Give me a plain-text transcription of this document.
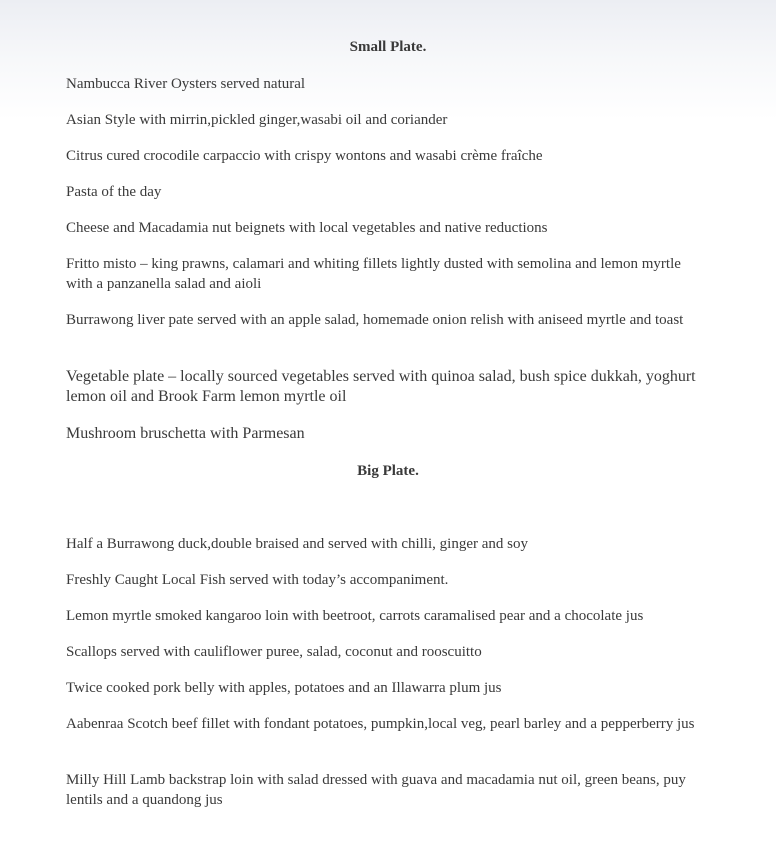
Small Plate.
Nambucca River Oysters served natural
Asian Style with mirrin,pickled ginger,wasabi oil and coriander
Citrus cured crocodile carpaccio with crispy wontons and wasabi crème fraîche
Pasta of the day
Cheese and Macadamia nut beignets with local vegetables and native reductions
Fritto misto – king prawns, calamari and whiting fillets lightly dusted with semolina and lemon myrtle with a panzanella salad and aioli
Burrawong liver pate served with an apple salad, homemade onion relish with aniseed myrtle and toast
Vegetable plate – locally sourced vegetables served with quinoa salad, bush spice dukkah, yoghurt lemon oil and Brook Farm lemon myrtle oil
Mushroom bruschetta with Parmesan
Big Plate.
Half a Burrawong duck,double braised and served with chilli, ginger and soy
Freshly Caught Local Fish served with today’s accompaniment.
Lemon myrtle smoked kangaroo loin with beetroot, carrots caramalised pear and a chocolate jus
Scallops served with cauliflower puree, salad, coconut and rooscuitto
Twice cooked pork belly with apples, potatoes and an Illawarra plum jus
Aabenraa Scotch beef fillet with fondant potatoes, pumpkin,local veg, pearl barley and a pepperberry jus
Milly Hill Lamb backstrap loin with salad dressed with guava and macadamia nut oil, green beans, puy lentils and a quandong jus
